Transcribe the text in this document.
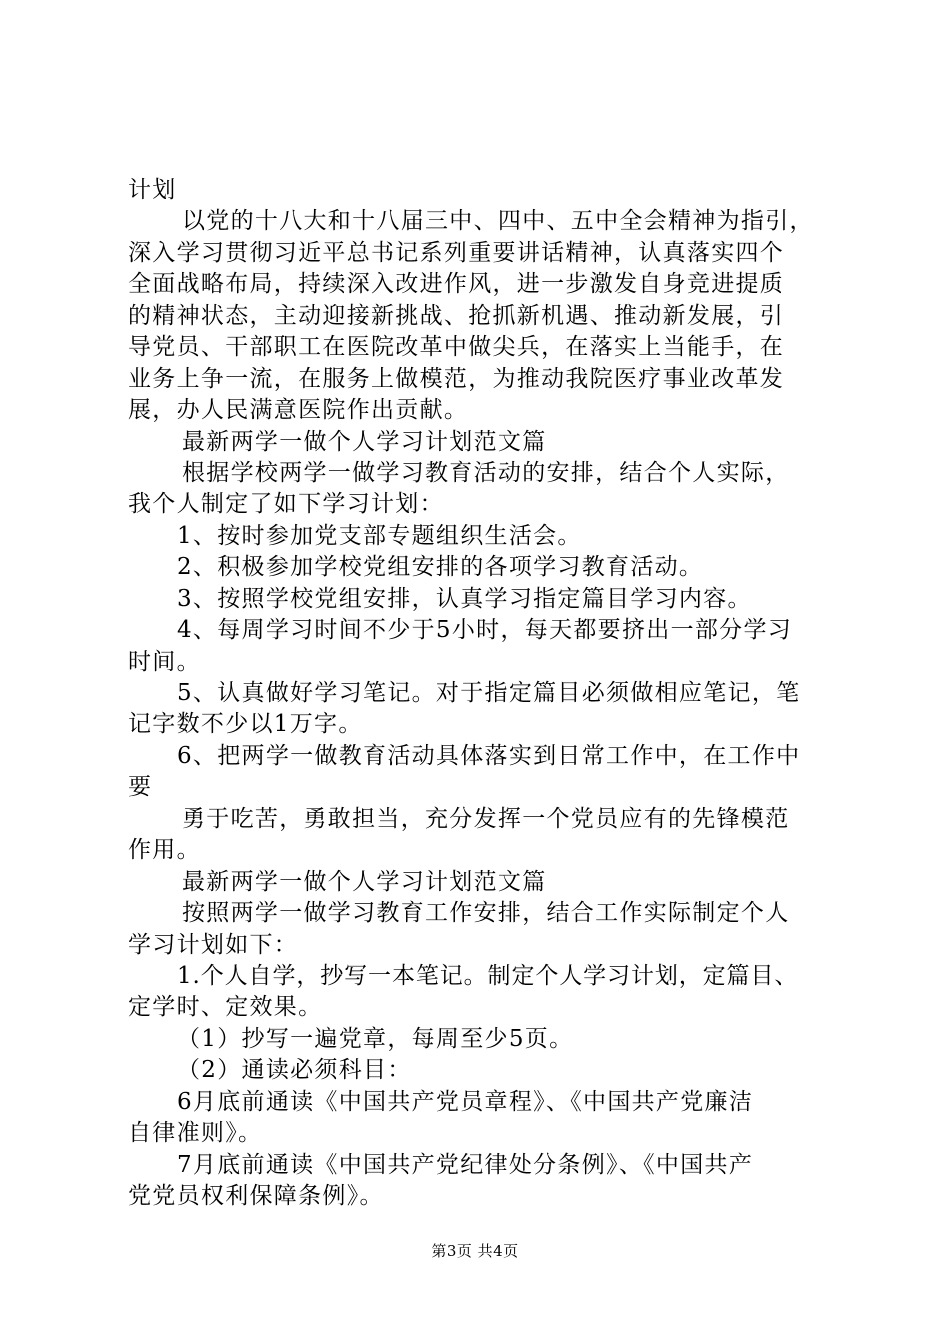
计划
以党的十八大和十八届三中、四中、五中全会精神为指引，
深入学习贯彻习近平总书记系列重要讲话精神，认真落实四个
全面战略布局，持续深入改进作风，进一步激发自身竞进提质
的精神状态，主动迎接新挑战、抢抓新机遇、推动新发展，引
导党员、干部职工在医院改革中做尖兵，在落实上当能手，在
业务上争一流，在服务上做模范，为推动我院医疗事业改革发
展，办人民满意医院作出贡献。
最新两学一做个人学习计划范文篇
根据学校两学一做学习教育活动的安排，结合个人实际，
我个人制定了如下学习计划：
1、按时参加党支部专题组织生活会。
2、积极参加学校党组安排的各项学习教育活动。
3、按照学校党组安排，认真学习指定篇目学习内容。
4、每周学习时间不少于5小时，每天都要挤出一部分学习
时间。
5、认真做好学习笔记。对于指定篇目必须做相应笔记，笔
记字数不少以1万字。
6、把两学一做教育活动具体落实到日常工作中，在工作中
要
勇于吃苦，勇敢担当，充分发挥一个党员应有的先锋模范
作用。
最新两学一做个人学习计划范文篇
按照两学一做学习教育工作安排，结合工作实际制定个人
学习计划如下：
1.个人自学，抄写一本笔记。制定个人学习计划，定篇目、
定学时、定效果。
（1）抄写一遍党章，每周至少5页。
（2）通读必须科目：
6月底前通读《中国共产党员章程》、《中国共产党廉洁
自律准则》。
7月底前通读《中国共产党纪律处分条例》、《中国共产
党党员权利保障条例》。
第3页 共4页
